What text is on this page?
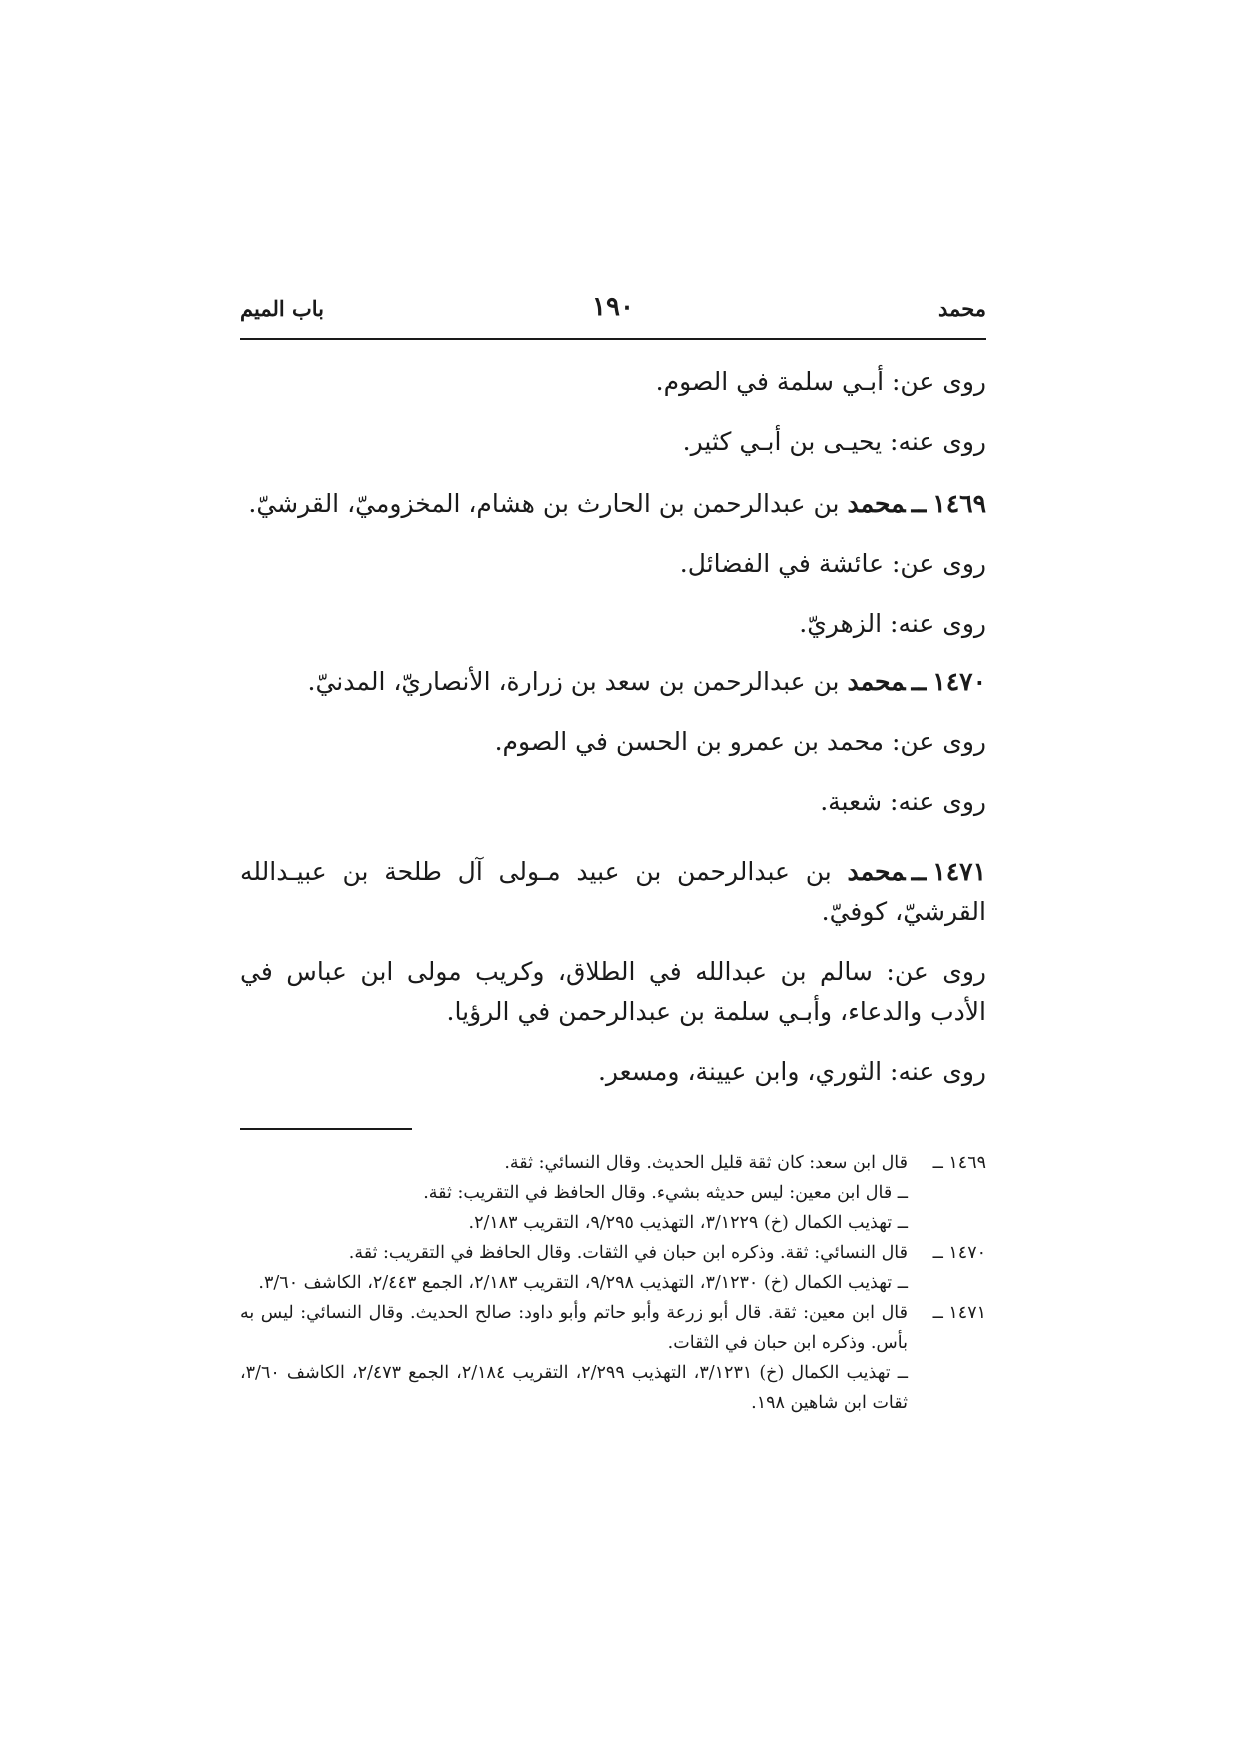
محمد
١٩٠
باب الميم

روى عن: أبـي سلمة في الصوم.

روى عنه: يحيـى بن أبـي كثير.

١٤٦٩ــمحمد بن عبدالرحمن بن الحارث بن هشام، المخزوميّ، القرشيّ.

روى عن: عائشة في الفضائل.

روى عنه: الزهريّ.

١٤٧٠ــمحمد بن عبدالرحمن بن سعد بن زرارة، الأنصاريّ، المدنيّ.

روى عن: محمد بن عمرو بن الحسن في الصوم.

روى عنه: شعبة.

١٤٧١ــمحمد بن عبدالرحمن بن عبيد مـولى آل طلحة بن عبيـدالله القرشيّ، كوفيّ.

روى عن: سالم بن عبدالله في الطلاق، وكريب مولى ابن عباس في الأدب والدعاء، وأبـي سلمة بن عبدالرحمن في الرؤيا.

روى عنه: الثوري، وابن عيينة، ومسعر.

١٤٦٩ ــ
قال ابن سعد: كان ثقة قليل الحديث. وقال النسائي: ثقة.
ــ قال ابن معين: ليس حديثه بشيء. وقال الحافظ في التقريب: ثقة.
ــ تهذيب الكمال (خ) ٣/١٢٢٩، التهذيب ٩/٢٩٥، التقريب ٢/١٨٣.
١٤٧٠ ــ
قال النسائي: ثقة. وذكره ابن حبان في الثقات. وقال الحافظ في التقريب: ثقة.
ــ تهذيب الكمال (خ) ٣/١٢٣٠، التهذيب ٩/٢٩٨، التقريب ٢/١٨٣، الجمع ٢/٤٤٣، الكاشف ٣/٦٠.
١٤٧١ ــ
قال ابن معين: ثقة. قال أبو زرعة وأبو حاتم وأبو داود: صالح الحديث. وقال النسائي: ليس به بأس. وذكره ابن حبان في الثقات.
ــ تهذيب الكمال (خ) ٣/١٢٣١، التهذيب ٢/٢٩٩، التقريب ٢/١٨٤، الجمع ٢/٤٧٣، الكاشف ٣/٦٠، ثقات ابن شاهين ١٩٨.
